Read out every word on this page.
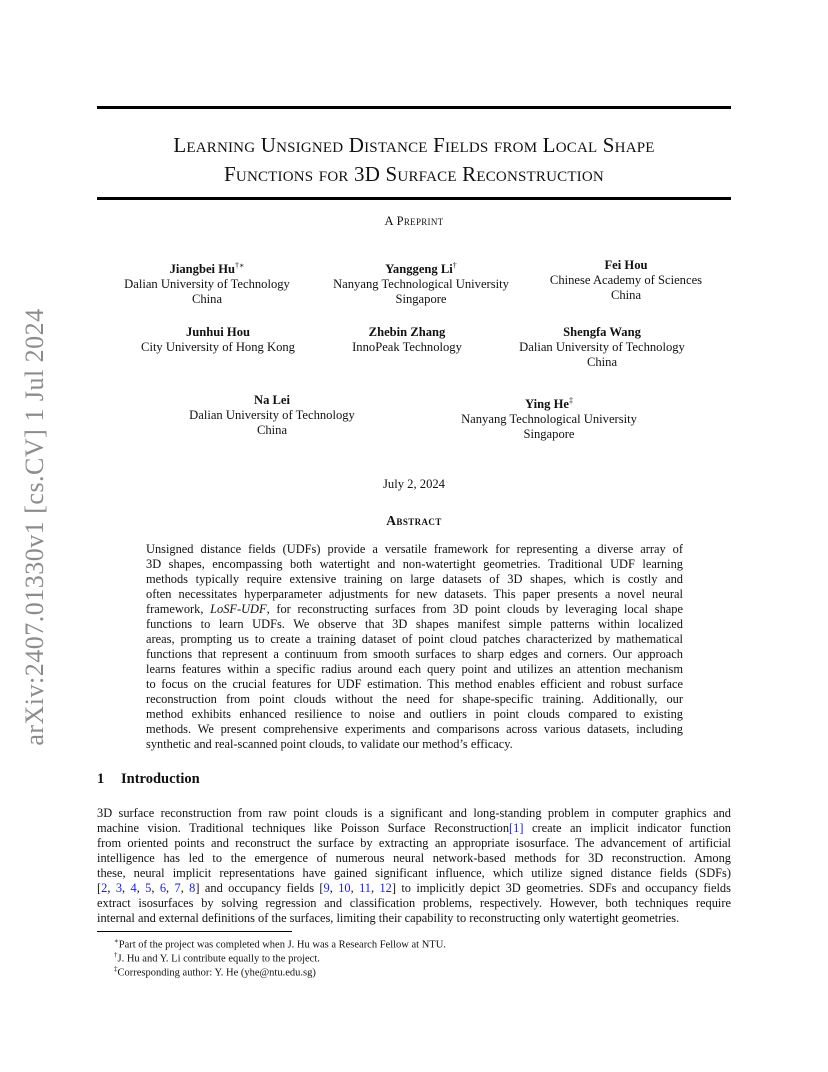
arXiv:2407.01330v1 [cs.CV] 1 Jul 2024
Learning Unsigned Distance Fields from Local Shape
Functions for 3D Surface Reconstruction
A Preprint
Jiangbei Hu†∗
Dalian University of Technology
China
Yanggeng Li†
Nanyang Technological University
Singapore
Fei Hou
Chinese Academy of Sciences
China
Junhui Hou
City University of Hong Kong
Zhebin Zhang
InnoPeak Technology
Shengfa Wang
Dalian University of Technology
China
Na Lei
Dalian University of Technology
China
Ying He‡
Nanyang Technological University
Singapore
July 2, 2024
Abstract
Unsigned distance fields (UDFs) provide a versatile framework for representing a diverse array of
3D shapes, encompassing both watertight and non-watertight geometries. Traditional UDF learning
methods typically require extensive training on large datasets of 3D shapes, which is costly and
often necessitates hyperparameter adjustments for new datasets. This paper presents a novel neural
framework, LoSF-UDF, for reconstructing surfaces from 3D point clouds by leveraging local shape
functions to learn UDFs. We observe that 3D shapes manifest simple patterns within localized
areas, prompting us to create a training dataset of point cloud patches characterized by mathematical
functions that represent a continuum from smooth surfaces to sharp edges and corners. Our approach
learns features within a specific radius around each query point and utilizes an attention mechanism
to focus on the crucial features for UDF estimation. This method enables efficient and robust surface
reconstruction from point clouds without the need for shape-specific training. Additionally, our
method exhibits enhanced resilience to noise and outliers in point clouds compared to existing
methods. We present comprehensive experiments and comparisons across various datasets, including
synthetic and real-scanned point clouds, to validate our method’s efficacy.
1 Introduction
3D surface reconstruction from raw point clouds is a significant and long-standing problem in computer graphics and
machine vision. Traditional techniques like Poisson Surface Reconstruction[1] create an implicit indicator function
from oriented points and reconstruct the surface by extracting an appropriate isosurface. The advancement of artificial
intelligence has led to the emergence of numerous neural network-based methods for 3D reconstruction. Among
these, neural implicit representations have gained significant influence, which utilize signed distance fields (SDFs)
[2, 3, 4, 5, 6, 7, 8] and occupancy fields [9, 10, 11, 12] to implicitly depict 3D geometries. SDFs and occupancy fields
extract isosurfaces by solving regression and classification problems, respectively. However, both techniques require
internal and external definitions of the surfaces, limiting their capability to reconstructing only watertight geometries.
∗Part of the project was completed when J. Hu was a Research Fellow at NTU.
†J. Hu and Y. Li contribute equally to the project.
‡Corresponding author: Y. He (yhe@ntu.edu.sg)
